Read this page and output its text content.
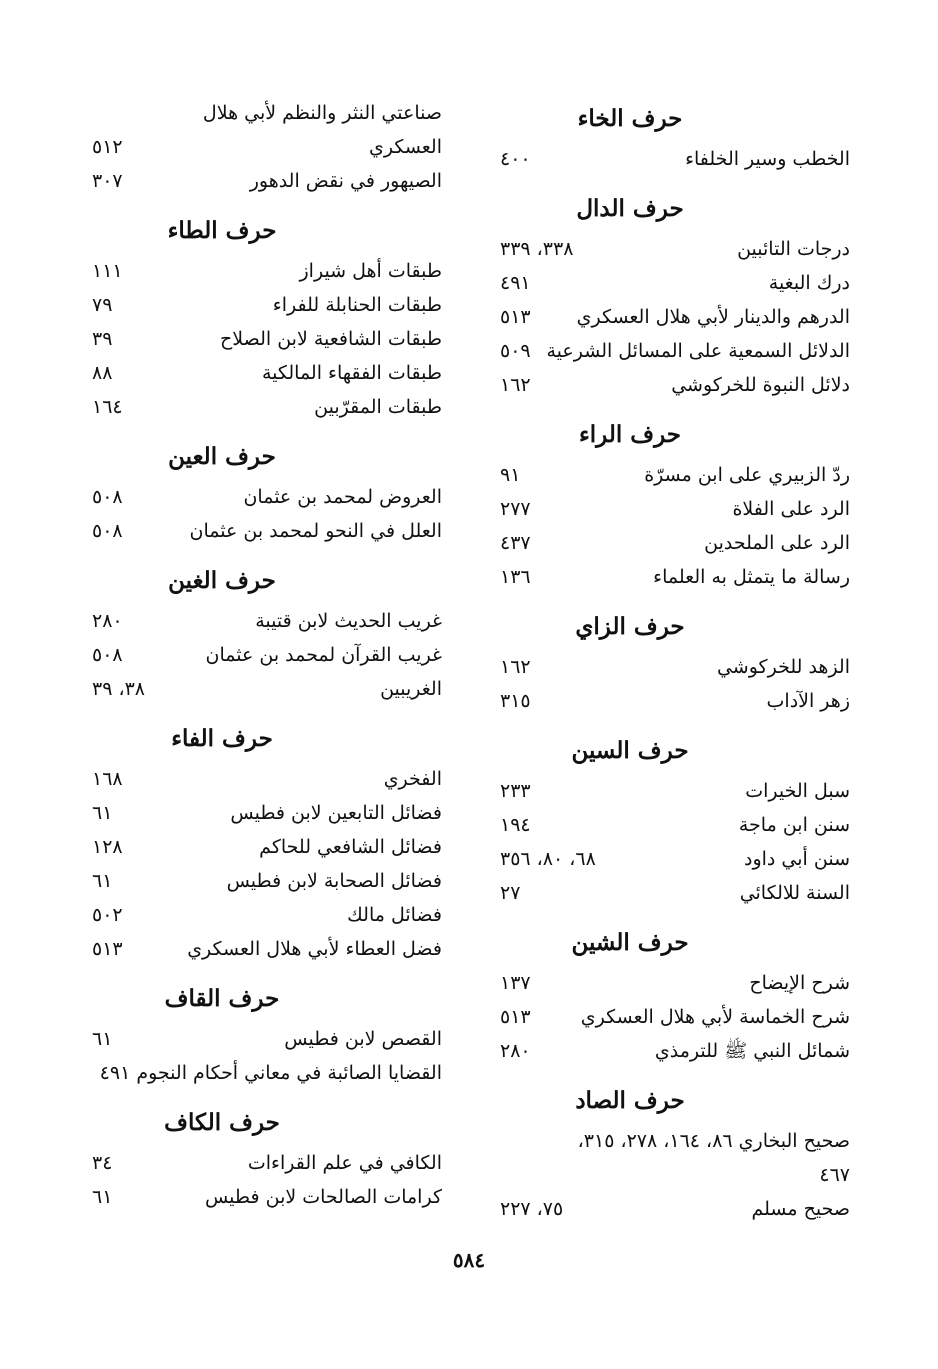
حرف الخاء
الخطب وسير الخلفاء
٤٠٠
حرف الدال
درجات التائبين
٣٣٨، ٣٣٩
درك البغية
٤٩١
الدرهم والدينار لأبي هلال العسكري
٥١٣
الدلائل السمعية على المسائل الشرعية
٥٠٩
دلائل النبوة للخركوشي
١٦٢
حرف الراء
ردّ الزبيري على ابن مسرّة
٩١
الرد على الفلاة
٢٧٧
الرد على الملحدين
٤٣٧
رسالة ما يتمثل به العلماء
١٣٦
حرف الزاي
الزهد للخركوشي
١٦٢
زهر الآداب
٣١٥
حرف السين
سبل الخيرات
٢٣٣
سنن ابن ماجة
١٩٤
سنن أبي داود
٦٨، ٨٠، ٣٥٦
السنة للالكائي
٢٧
حرف الشين
شرح الإيضاح
١٣٧
شرح الخماسة لأبي هلال العسكري
٥١٣
شمائل النبي ﷺ للترمذي
٢٨٠
حرف الصاد
صحيح البخاري ٨٦، ١٦٤، ٢٧٨، ٣١٥،
٤٦٧
صحيح مسلم
٧٥، ٢٢٧
صناعتي النثر والنظم لأبي هلال
العسكري
٥١٢
الصيهور في نقض الدهور
٣٠٧
حرف الطاء
طبقات أهل شيراز
١١١
طبقات الحنابلة للفراء
٧٩
طبقات الشافعية لابن الصلاح
٣٩
طبقات الفقهاء المالكية
٨٨
طبقات المقرّبين
١٦٤
حرف العين
العروض لمحمد بن عثمان
٥٠٨
العلل في النحو لمحمد بن عثمان
٥٠٨
حرف الغين
غريب الحديث لابن قتيبة
٢٨٠
غريب القرآن لمحمد بن عثمان
٥٠٨
الغريبين
٣٨، ٣٩
حرف الفاء
الفخري
١٦٨
فضائل التابعين لابن فطيس
٦١
فضائل الشافعي للحاكم
١٢٨
فضائل الصحابة لابن فطيس
٦١
فضائل مالك
٥٠٢
فضل العطاء لأبي هلال العسكري
٥١٣
حرف القاف
القصص لابن فطيس
٦١
القضايا الصائبة في معاني أحكام النجوم ٤٩١
حرف الكاف
الكافي في علم القراءات
٣٤
كرامات الصالحات لابن فطيس
٦١
٥٨٤
